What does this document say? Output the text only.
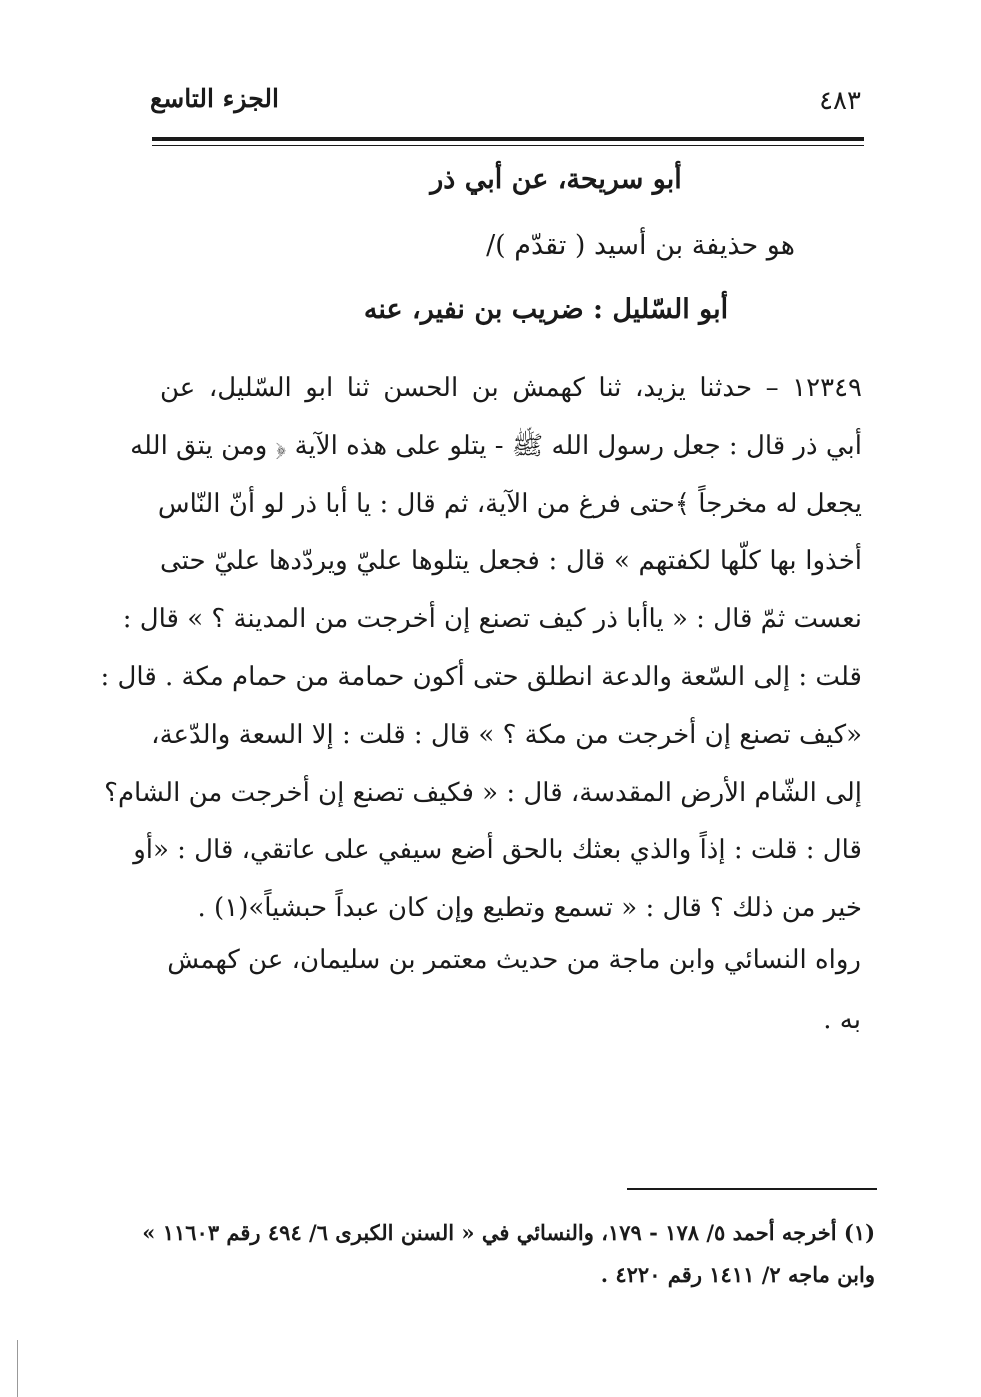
الجزء التاسع	٤٨٣
أبو سريحة، عن أبي ذر
هو حذيفة بن أسيد ( تقدّم )/
أبو السّليل : ضريب بن نفير، عنه
١٢٣٤٩ – حدثنا يزيد، ثنا كهمش بن الحسن ثنا ابو السّليل، عن
أبي ذر قال : جعل رسول الله ﷺ - يتلو على هذه الآية ﴿ ومن يتق الله
يجعل له مخرجاً ﴾حتى فرغ من الآية، ثم قال : يا أبا ذر لو أنّ النّاس
أخذوا بها كلّها لكفتهم » قال : فجعل يتلوها عليّ ويردّدها عليّ حتى
نعست ثمّ قال : « ياأبا ذر كيف تصنع إن أخرجت من المدينة ؟ » قال :
قلت : إلى السّعة والدعة انطلق حتى أكون حمامة من حمام مكة . قال :
«كيف تصنع إن أخرجت من مكة ؟ » قال : قلت : إلا السعة والدّعة،
إلى الشّام الأرض المقدسة، قال : « فكيف تصنع إن أخرجت من الشام؟
قال : قلت : إذاً والذي بعثك بالحق أضع سيفي على عاتقي، قال : «أو
خير من ذلك ؟ قال : « تسمع وتطيع وإن كان عبداً حبشياً»(١) .
رواه النسائي وابن ماجة من حديث معتمر بن سليمان، عن كهمش
به .
(١) أخرجه أحمد ٥/ ١٧٨ - ١٧٩، والنسائي في « السنن الكبرى ٦/ ٤٩٤ رقم ١١٦٠٣ »
وابن ماجه ٢/ ١٤١١ رقم ٤٢٢٠ .
